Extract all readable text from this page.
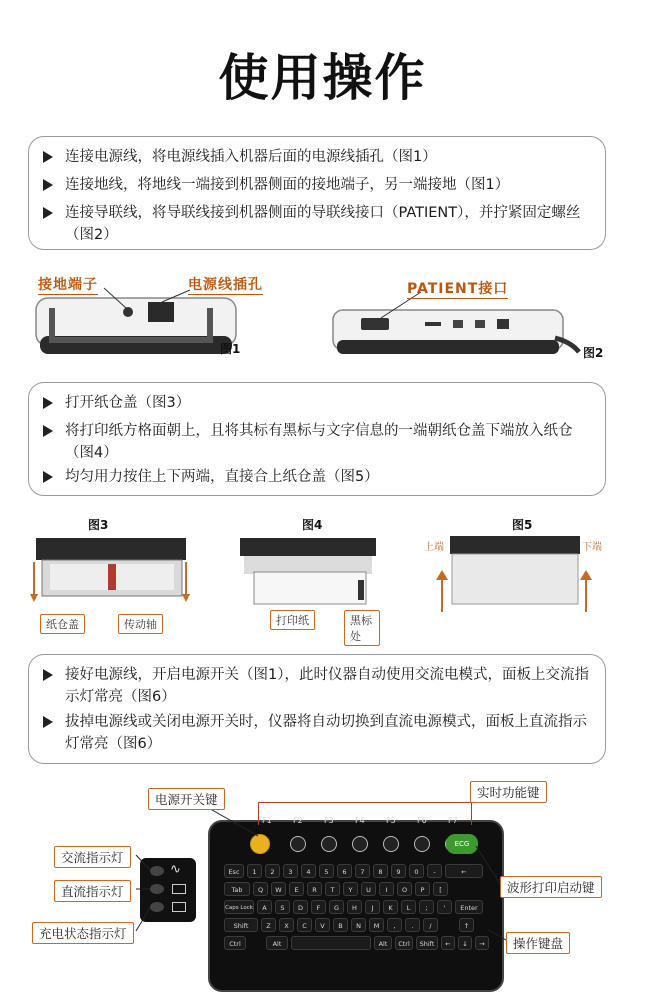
使用操作
连接电源线，将电源线插入机器后面的电源线插孔（图1）
连接地线，将地线一端接到机器侧面的接地端子，另一端接地（图1）
连接导联线，将导联线接到机器侧面的导联线接口（PATIENT），并拧紧固定螺丝（图2）
接地端子	电源线插孔
图1
PATIENT接口
图2
打开纸仓盖（图3）
将打印纸方格面朝上，且将其标有黑标与文字信息的一端朝纸仓盖下端放入纸仓（图4）
均匀用力按住上下两端，直接合上纸仓盖（图5）
图3
纸仓盖	传动轴
图4
打印纸	黑标处
图5
上端	下端
接好电源线，开启电源开关（图1），此时仪器自动使用交流电模式，面板上交流指示灯常亮（图6）
拔掉电源线或关闭电源开关时，仪器将自动切换到直流电源模式，面板上直流指示灯常亮（图6）
F1	F2	F3	F4	F5	F6	F7
ECG
Esc	1	2	3	4	5	6	7	8	9	0	-	←
Tab	Q	W	E	R	T	Y	U	I	O	P	[
Caps Lock	A	S	D	F	G	H	J	K	L	;	'	Enter
Shift	Z	X	C	V	B	N	M	,	.	/	↑
Ctrl	Alt	Alt	Ctrl	Shift	←	↓	→
∿
电源开关键	实时功能键
交流指示灯
直流指示灯
充电状态指示灯
波形打印启动键
操作键盘
